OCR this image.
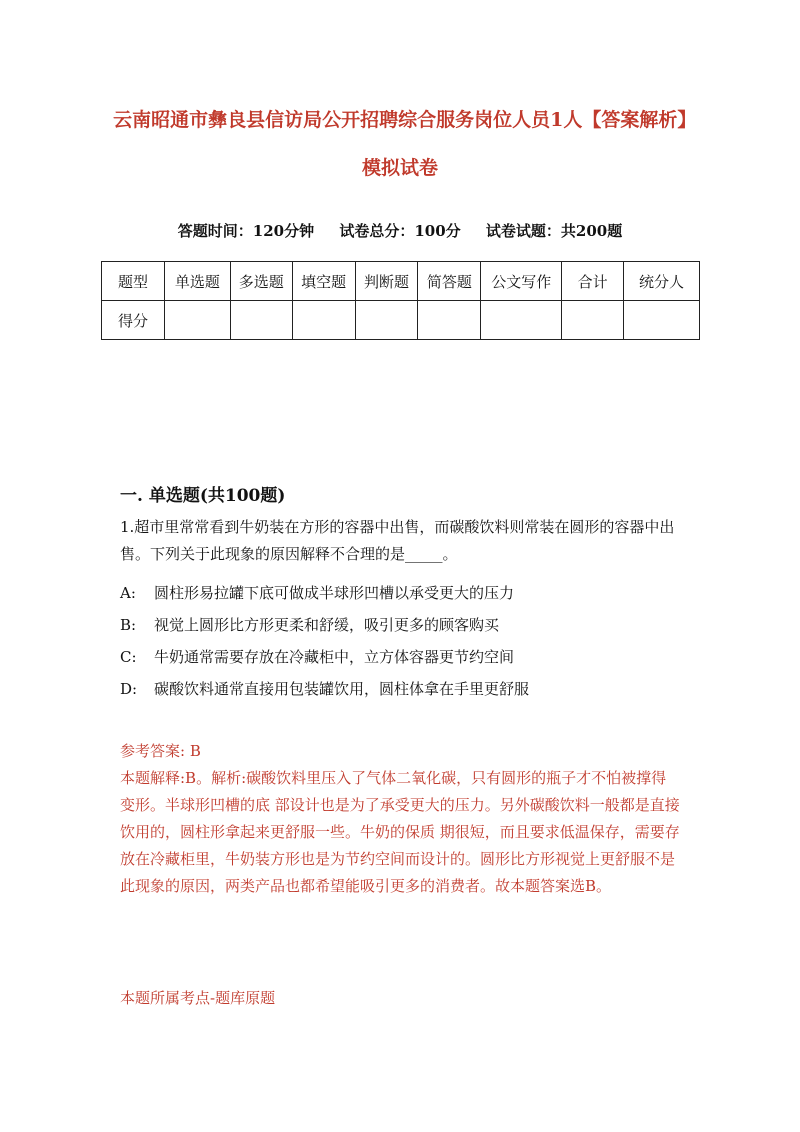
云南昭通市彝良县信访局公开招聘综合服务岗位人员1人【答案解析】模拟试卷
答题时间：120分钟 试卷总分：100分 试卷试题：共200题
题型	单选题	多选题	填空题	判断题	简答题	公文写作	合计	统分人
得分								
一. 单选题(共100题)
1.超市里常常看到牛奶装在方形的容器中出售，而碳酸饮料则常装在圆形的容器中出售。下列关于此现象的原因解释不合理的是_____。
A: 圆柱形易拉罐下底可做成半球形凹槽以承受更大的压力
B: 视觉上圆形比方形更柔和舒缓，吸引更多的顾客购买
C: 牛奶通常需要存放在冷藏柜中，立方体容器更节约空间
D: 碳酸饮料通常直接用包装罐饮用，圆柱体拿在手里更舒服
参考答案: B
本题解释:B。解析:碳酸饮料里压入了气体二氧化碳，只有圆形的瓶子才不怕被撑得变形。半球形凹槽的底 部设计也是为了承受更大的压力。另外碳酸饮料一般都是直接饮用的，圆柱形拿起来更舒服一些。牛奶的保质 期很短，而且要求低温保存，需要存放在冷藏柜里，牛奶装方形也是为节约空间而设计的。圆形比方形视觉上更舒服不是此现象的原因，两类产品也都希望能吸引更多的消费者。故本题答案选B。
本题所属考点-题库原题
